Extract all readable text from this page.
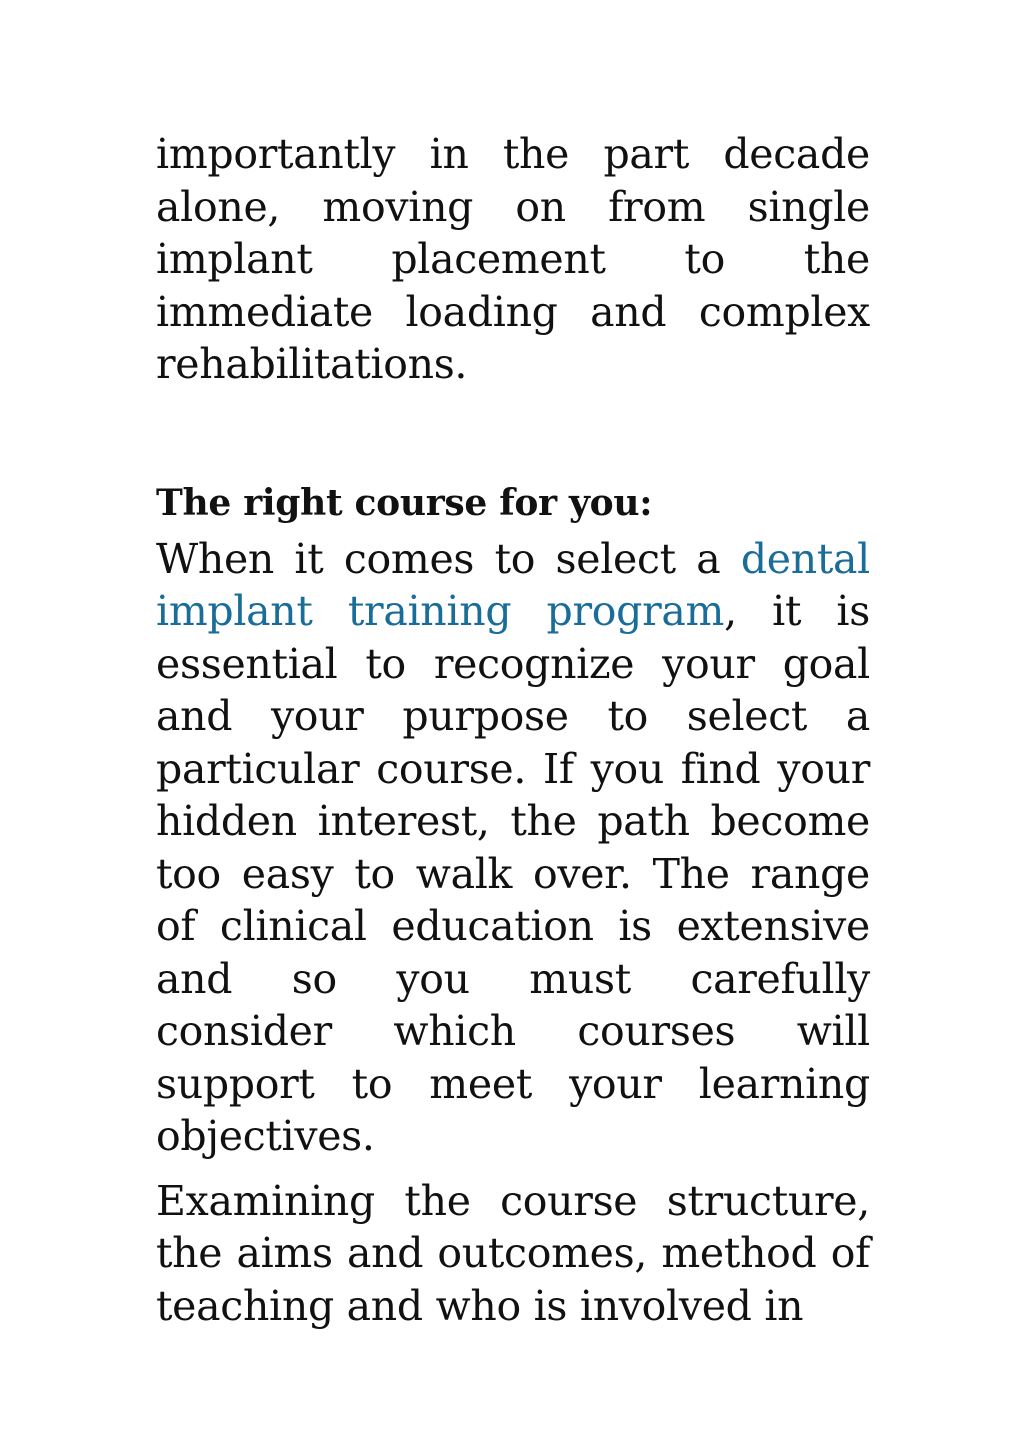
importantly in the part decade alone, moving on from single implant placement to the immediate loading and complex rehabilitations.

The right course for you:

When it comes to select a dental implant training program, it is essential to recognize your goal and your purpose to select a particular course. If you find your hidden interest, the path become too easy to walk over. The range of clinical education is extensive and so you must carefully consider which courses will support to meet your learning objectives.

Examining the course structure, the aims and outcomes, method of teaching and who is involved in
